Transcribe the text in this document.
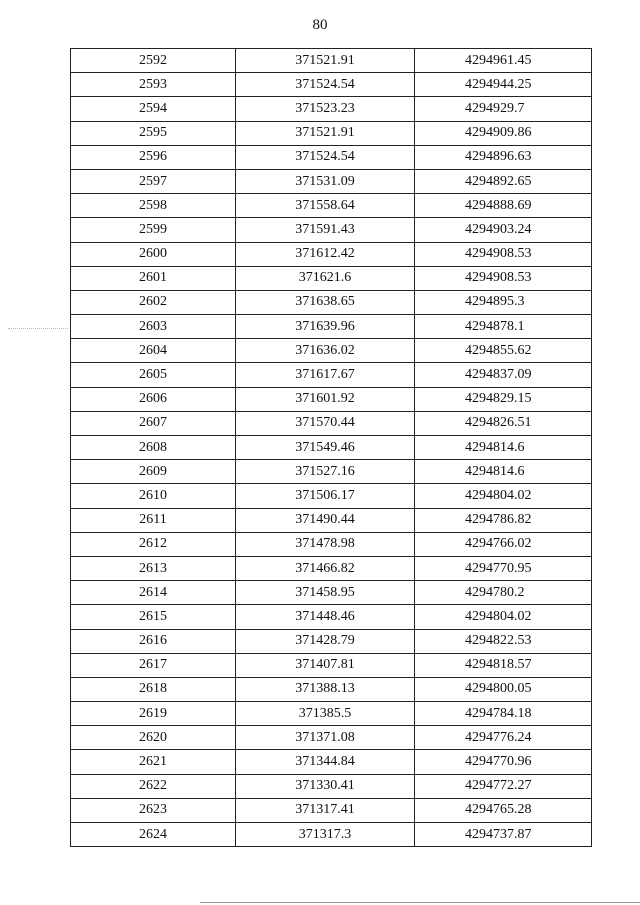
80
2592	371521.91	4294961.45
2593	371524.54	4294944.25
2594	371523.23	4294929.7
2595	371521.91	4294909.86
2596	371524.54	4294896.63
2597	371531.09	4294892.65
2598	371558.64	4294888.69
2599	371591.43	4294903.24
2600	371612.42	4294908.53
2601	371621.6	4294908.53
2602	371638.65	4294895.3
2603	371639.96	4294878.1
2604	371636.02	4294855.62
2605	371617.67	4294837.09
2606	371601.92	4294829.15
2607	371570.44	4294826.51
2608	371549.46	4294814.6
2609	371527.16	4294814.6
2610	371506.17	4294804.02
2611	371490.44	4294786.82
2612	371478.98	4294766.02
2613	371466.82	4294770.95
2614	371458.95	4294780.2
2615	371448.46	4294804.02
2616	371428.79	4294822.53
2617	371407.81	4294818.57
2618	371388.13	4294800.05
2619	371385.5	4294784.18
2620	371371.08	4294776.24
2621	371344.84	4294770.96
2622	371330.41	4294772.27
2623	371317.41	4294765.28
2624	371317.3	4294737.87
